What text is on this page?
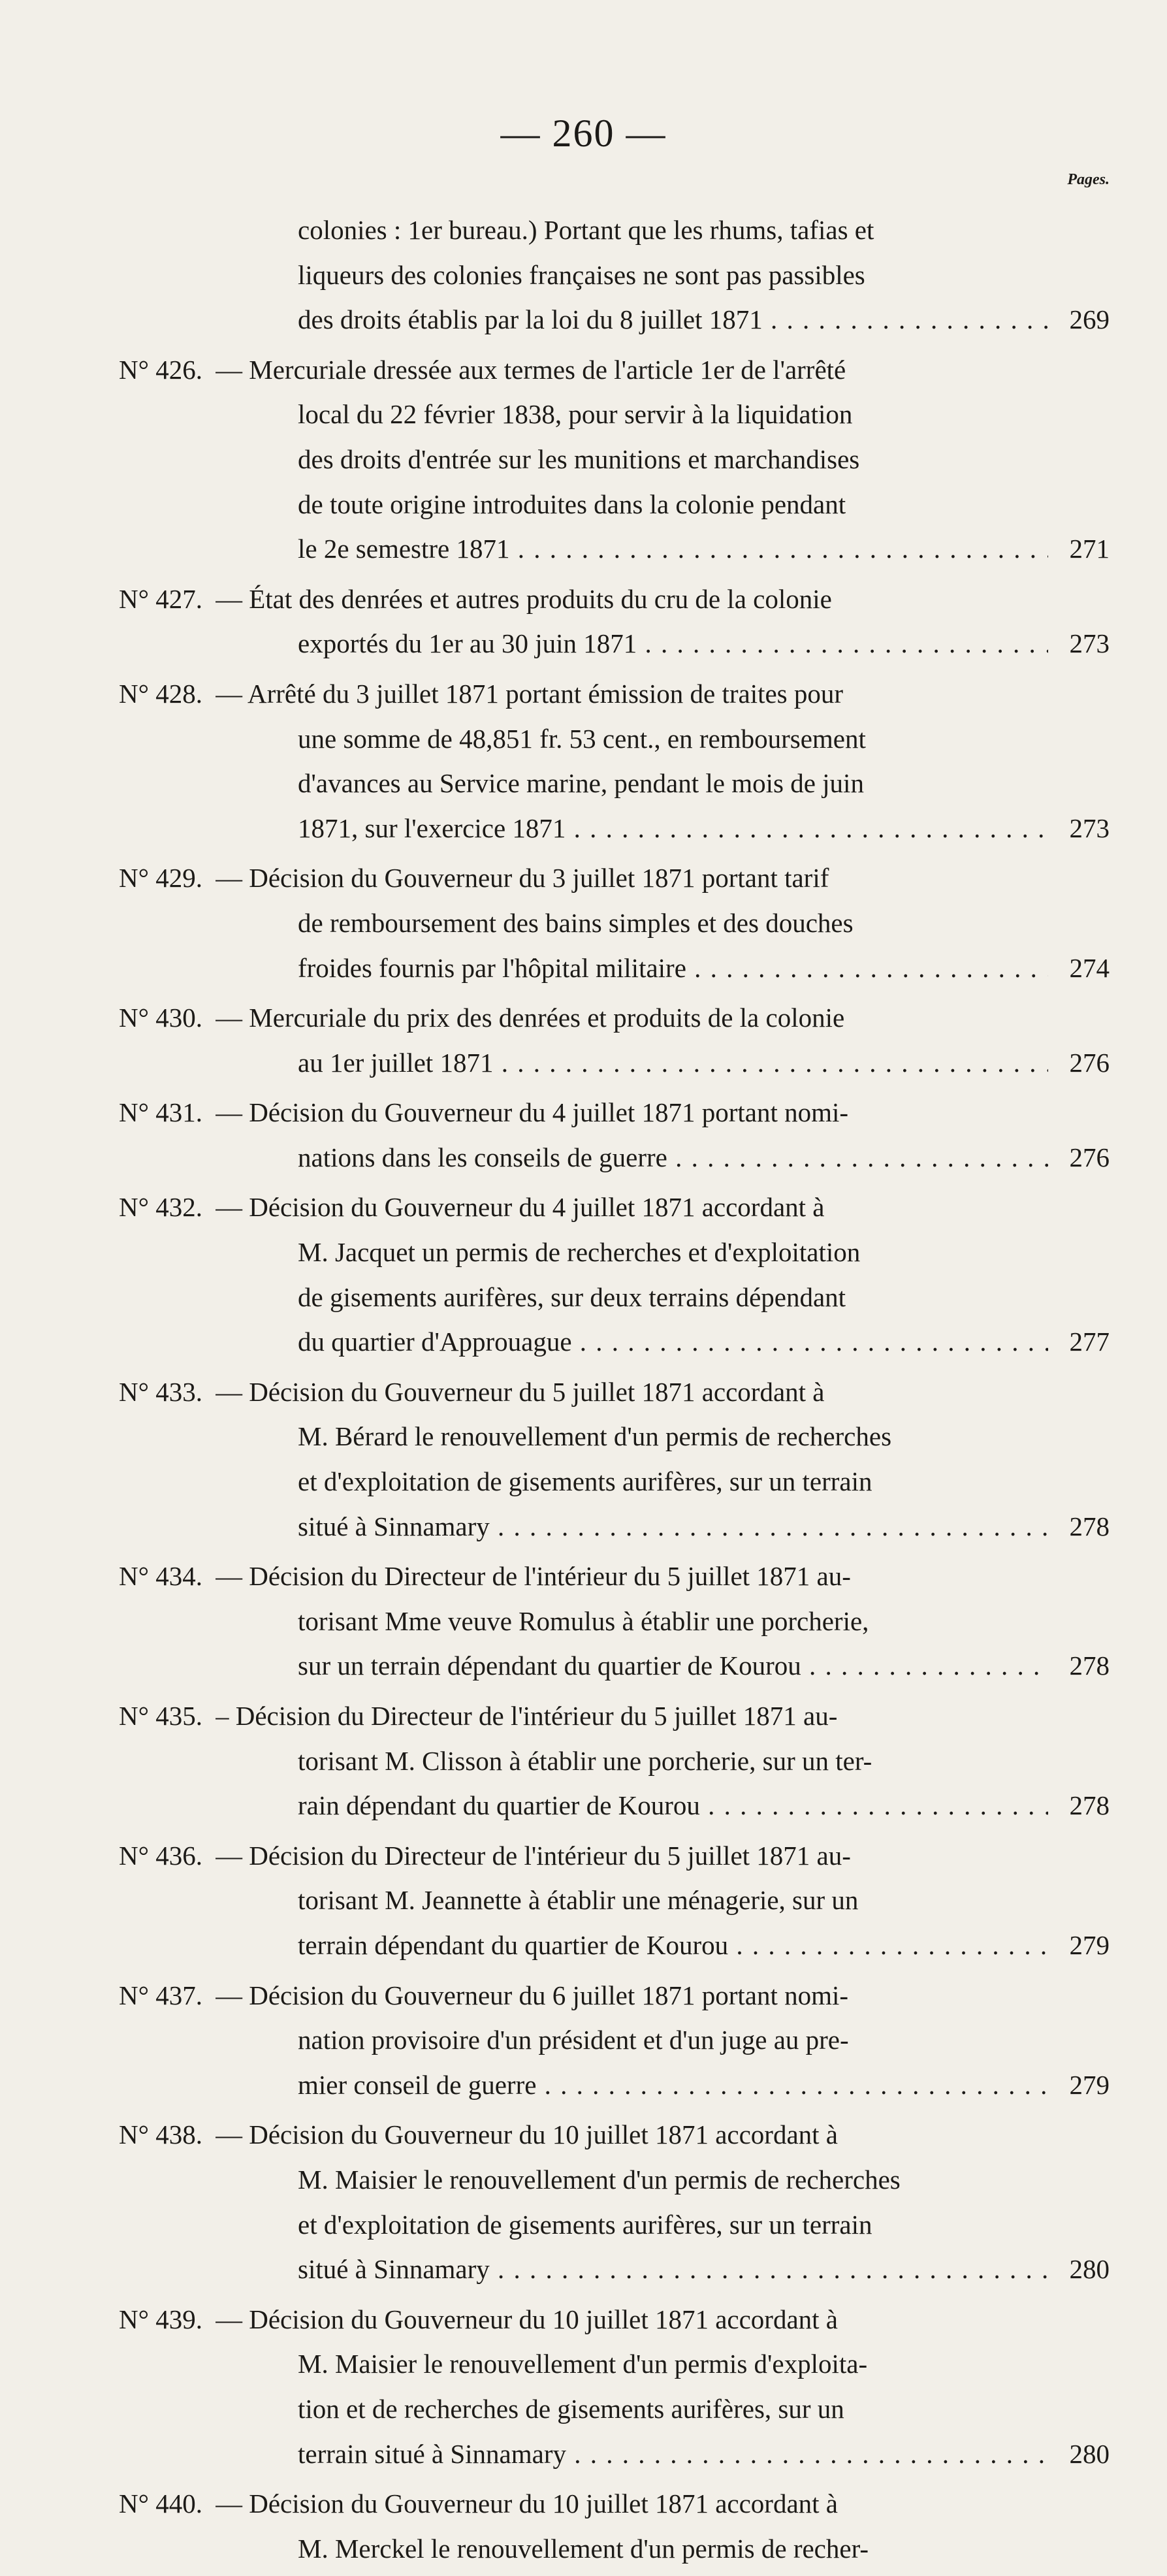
— 260 —
Pages.
colonies : 1er bureau.) Portant que les rhums, tafias et
liqueurs des colonies françaises ne sont pas passibles
des droits établis par la loi du 8 juillet 1871 . . .	269
N° 426. — Mercuriale dressée aux termes de l'article 1er de l'arrêté
local du 22 février 1838, pour servir à la liquidation
des droits d'entrée sur les munitions et marchandises
de toute origine introduites dans la colonie pendant
le 2e semestre 1871 . . .	271
N° 427. — État des denrées et autres produits du cru de la colonie
exportés du 1er au 30 juin 1871 . . .	273
N° 428. — Arrêté du 3 juillet 1871 portant émission de traites pour
une somme de 48,851 fr. 53 cent., en remboursement
d'avances au Service marine, pendant le mois de juin
1871, sur l'exercice 1871 . . .	273
N° 429. — Décision du Gouverneur du 3 juillet 1871 portant tarif
de remboursement des bains simples et des douches
froides fournis par l'hôpital militaire . . .	274
N° 430. — Mercuriale du prix des denrées et produits de la colonie
au 1er juillet 1871 . . .	276
N° 431. — Décision du Gouverneur du 4 juillet 1871 portant nomi-
nations dans les conseils de guerre . . .	276
N° 432. — Décision du Gouverneur du 4 juillet 1871 accordant à
M. Jacquet un permis de recherches et d'exploitation
de gisements aurifères, sur deux terrains dépendant
du quartier d'Approuague . . .	277
N° 433. — Décision du Gouverneur du 5 juillet 1871 accordant à
M. Bérard le renouvellement d'un permis de recherches
et d'exploitation de gisements aurifères, sur un terrain
situé à Sinnamary . . .	278
N° 434. — Décision du Directeur de l'intérieur du 5 juillet 1871 au-
torisant Mme veuve Romulus à établir une porcherie,
sur un terrain dépendant du quartier de Kourou . . .	278
N° 435. – Décision du Directeur de l'intérieur du 5 juillet 1871 au-
torisant M. Clisson à établir une porcherie, sur un ter-
rain dépendant du quartier de Kourou . . .	278
N° 436. — Décision du Directeur de l'intérieur du 5 juillet 1871 au-
torisant M. Jeannette à établir une ménagerie, sur un
terrain dépendant du quartier de Kourou . . .	279
N° 437. — Décision du Gouverneur du 6 juillet 1871 portant nomi-
nation provisoire d'un président et d'un juge au pre-
mier conseil de guerre . . .	279
N° 438. — Décision du Gouverneur du 10 juillet 1871 accordant à
M. Maisier le renouvellement d'un permis de recherches
et d'exploitation de gisements aurifères, sur un terrain
situé à Sinnamary . . .	280
N° 439. — Décision du Gouverneur du 10 juillet 1871 accordant à
M. Maisier le renouvellement d'un permis d'exploita-
tion et de recherches de gisements aurifères, sur un
terrain situé à Sinnamary . . .	280
N° 440. — Décision du Gouverneur du 10 juillet 1871 accordant à
M. Merckel le renouvellement d'un permis de recher-
